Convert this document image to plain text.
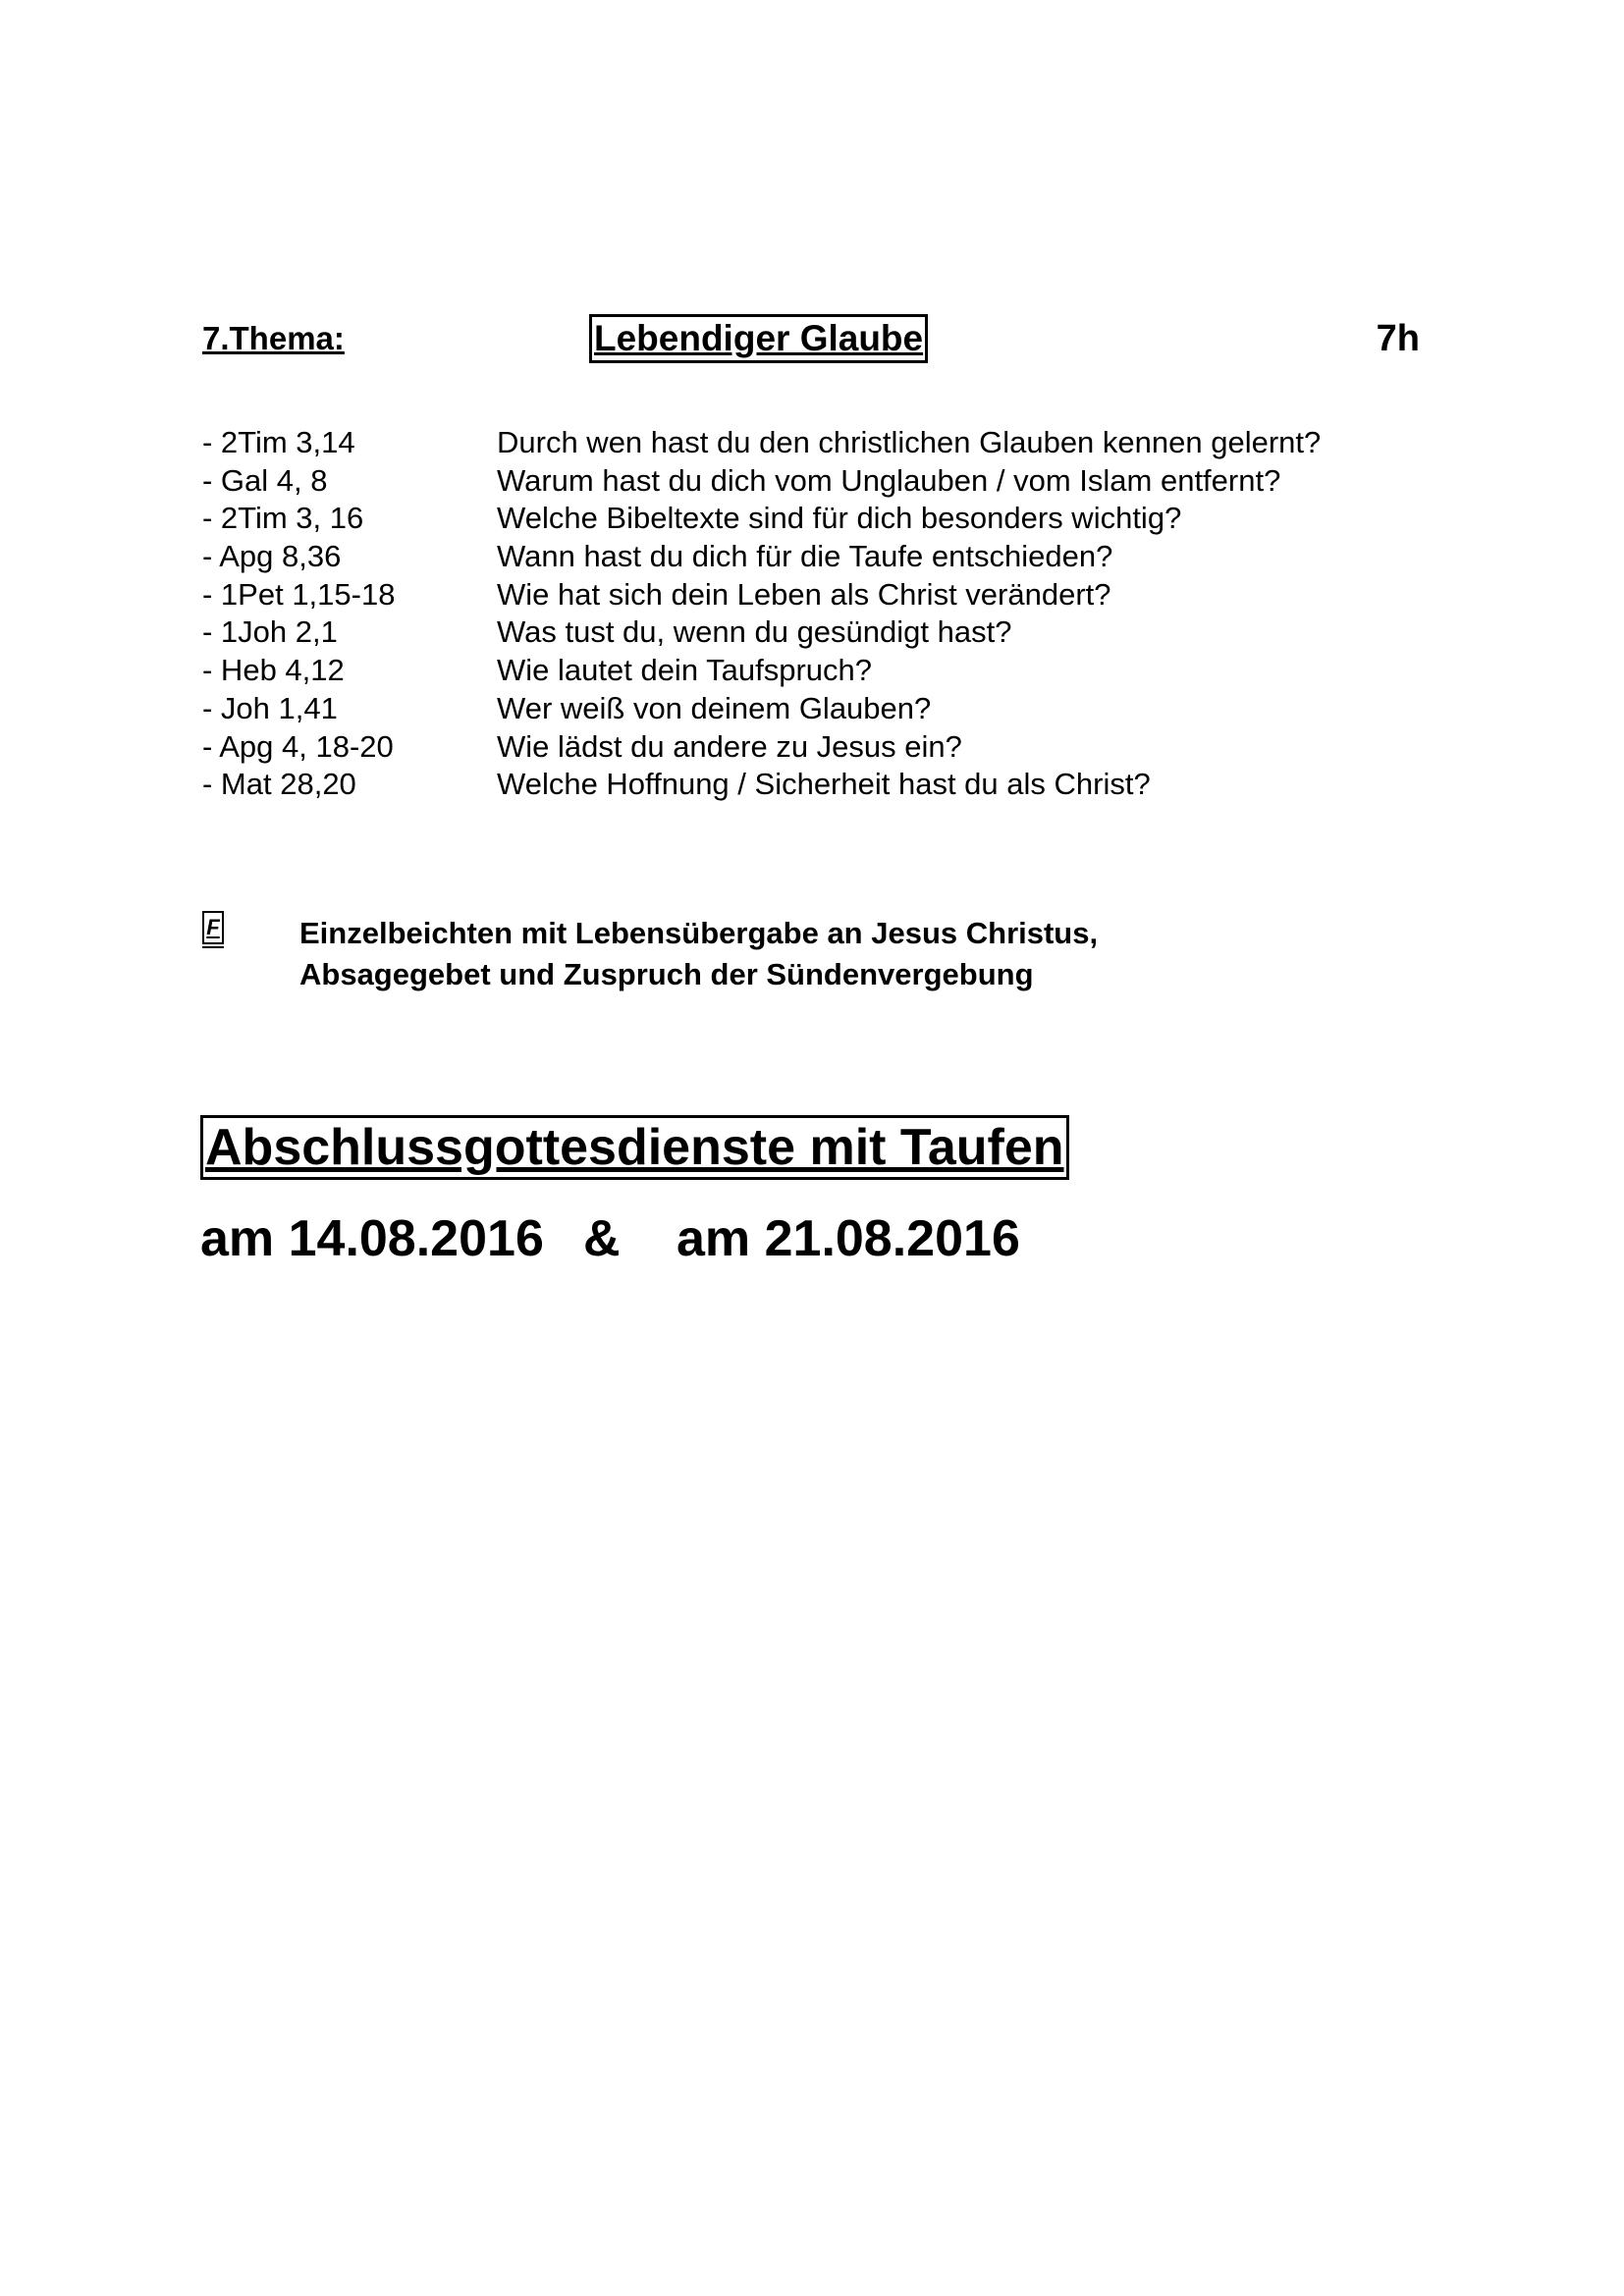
7.Thema:	Lebendiger Glaube	7h
- 2Tim 3,14	Durch wen hast du den christlichen Glauben kennen gelernt?
- Gal 4, 8	Warum hast du dich vom Unglauben / vom Islam entfernt?
- 2Tim 3, 16	Welche Bibeltexte sind für dich besonders wichtig?
- Apg 8,36	Wann hast du dich für die Taufe entschieden?
- 1Pet 1,15-18	Wie hat sich dein Leben als Christ verändert?
- 1Joh 2,1	Was tust du, wenn du gesündigt hast?
- Heb 4,12	Wie lautet dein Taufspruch?
- Joh 1,41	Wer weiß von deinem Glauben?
- Apg 4, 18-20	Wie lädst du andere zu Jesus ein?
- Mat 28,20	Welche Hoffnung / Sicherheit hast du als Christ?
F	Einzelbeichten mit Lebensübergabe an Jesus Christus,
Absagegebet und Zuspruch der Sündenvergebung
Abschlussgottesdienste mit Taufen
am 14.08.2016 & am 21.08.2016
